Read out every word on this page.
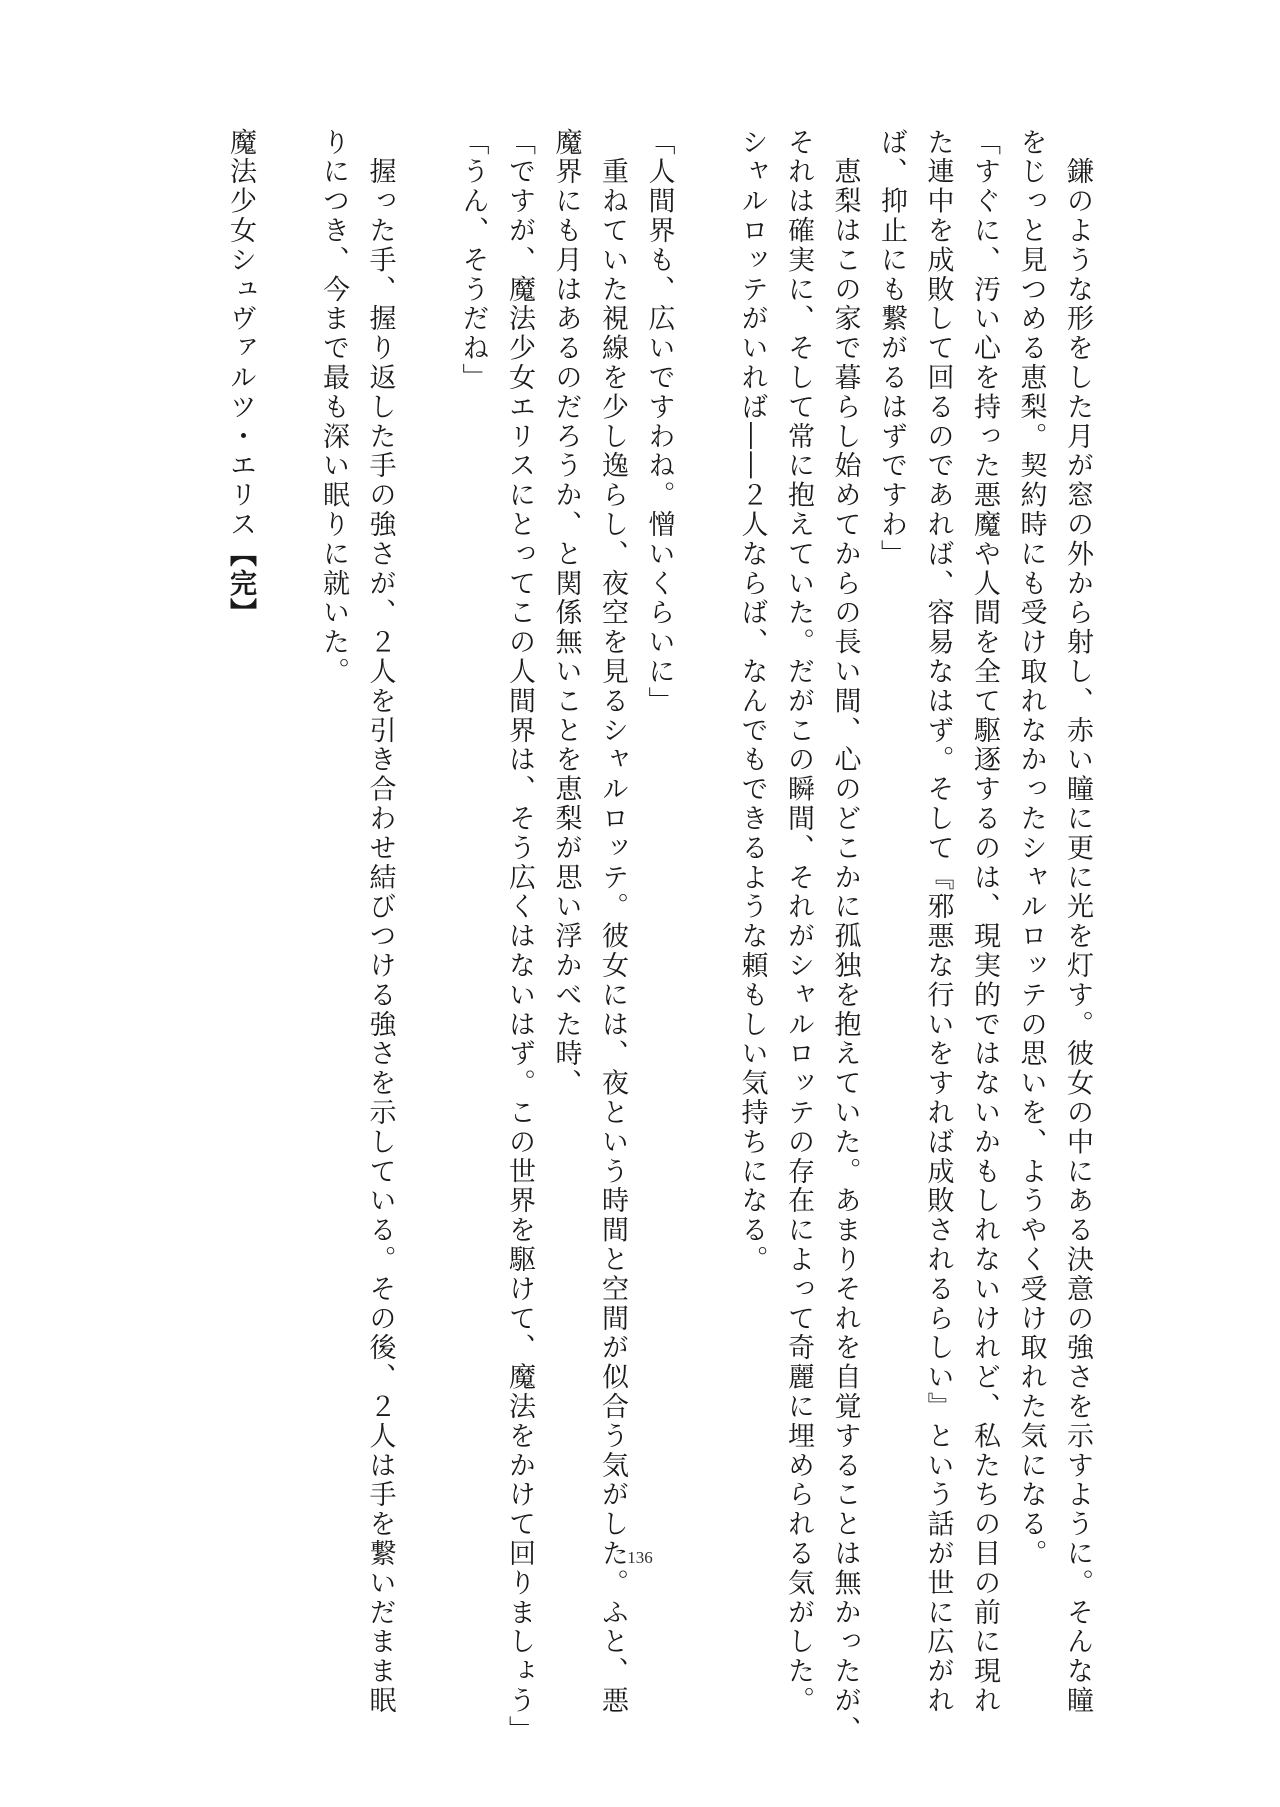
　鎌のような形をした月が窓の外から射し、赤い瞳に更に光を灯す。彼女の中にある決意の強さを示すように。そんな瞳
をじっと見つめる恵梨。契約時にも受け取れなかったシャルロッテの思いを、ようやく受け取れた気になる。
「すぐに、汚い心を持った悪魔や人間を全て駆逐するのは、現実的ではないかもしれないけれど、私たちの目の前に現れ
た連中を成敗して回るのであれば、容易なはず。そして『邪悪な行いをすれば成敗されるらしい』という話が世に広がれ
ば、抑止にも繋がるはずですわ」
　恵梨はこの家で暮らし始めてからの長い間、心のどこかに孤独を抱えていた。あまりそれを自覚することは無かったが、
それは確実に、そして常に抱えていた。だがこの瞬間、それがシャルロッテの存在によって奇麗に埋められる気がした。
シャルロッテがいれば――２人ならば、なんでもできるような頼もしい気持ちになる。
「人間界も、広いですわね。憎いくらいに」
　重ねていた視線を少し逸らし、夜空を見るシャルロッテ。彼女には、夜という時間と空間が似合う気がした。ふと、悪
魔界にも月はあるのだろうか、と関係無いことを恵梨が思い浮かべた時、
「ですが、魔法少女エリスにとってこの人間界は、そう広くはないはず。この世界を駆けて、魔法をかけて回りましょう」
「うん、そうだね」
　握った手、握り返した手の強さが、２人を引き合わせ結びつける強さを示している。その後、２人は手を繋いだまま眠
りにつき、今まで最も深い眠りに就いた。
魔法少女シュヴァルツ・エリス【完】
136
